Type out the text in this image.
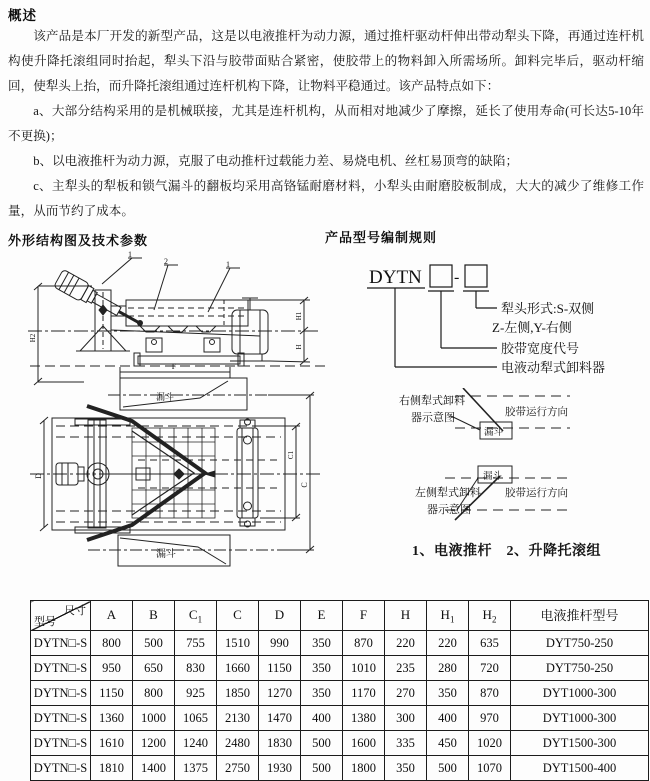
概述

该产品是本厂开发的新型产品，这是以电液推杆为动力源，通过推杆驱动杆伸出带动犁头下降，再通过连杆机构使升降托滚组同时抬起，犁头下沿与胶带面贴合紧密，使胶带上的物料卸入所需场所。卸料完毕后，驱动杆缩回，使犁头上抬，而升降托滚组通过连杆机构下降，让物料平稳通过。该产品特点如下：

a、大部分结构采用的是机械联接，尤其是连杆机构，从而相对地减少了摩擦，延长了使用寿命(可长达5-10年不更换)；

b、以电液推杆为动力源，克服了电动推杆过载能力差、易烧电机、丝杠易顶弯的缺陷；

c、主犁头的犁板和锁气漏斗的翻板均采用高铬锰耐磨材料，小犁头由耐磨胶板制成，大大的减少了维修工作量，从而节约了成本。

外形结构图及技术参数	产品型号编制规则
1
2	1
H2
H1
H
F
D
C1
C
漏斗
漏斗
DYTN -
犁头形式:S-双侧
Z-左侧,Y-右侧
胶带宽度代号
电液动犁式卸料器
右侧犁式卸料
器示意图	胶带运行方向
漏斗
漏斗
左侧犁式卸料
器示意图
胶带运行方向
1、电液推杆　2、升降托滚组
尺寸
型号	A	B	$C_1$	C	D	E	F	H	$H_1$	$H_2$	电液推杆型号
DYTN□-S	800	500	755	1510	990	350	870	220	220	635	DYT750-250
DYTN□-S	950	650	830	1660	1150	350	1010	235	280	720	DYT750-250
DYTN□-S	1150	800	925	1850	1270	350	1170	270	350	870	DYT1000-300
DYTN□-S	1360	1000	1065	2130	1470	400	1380	300	400	970	DYT1000-300
DYTN□-S	1610	1200	1240	2480	1830	500	1600	335	450	1020	DYT1500-300
DYTN□-S	1810	1400	1375	2750	1930	500	1800	350	500	1070	DYT1500-400
